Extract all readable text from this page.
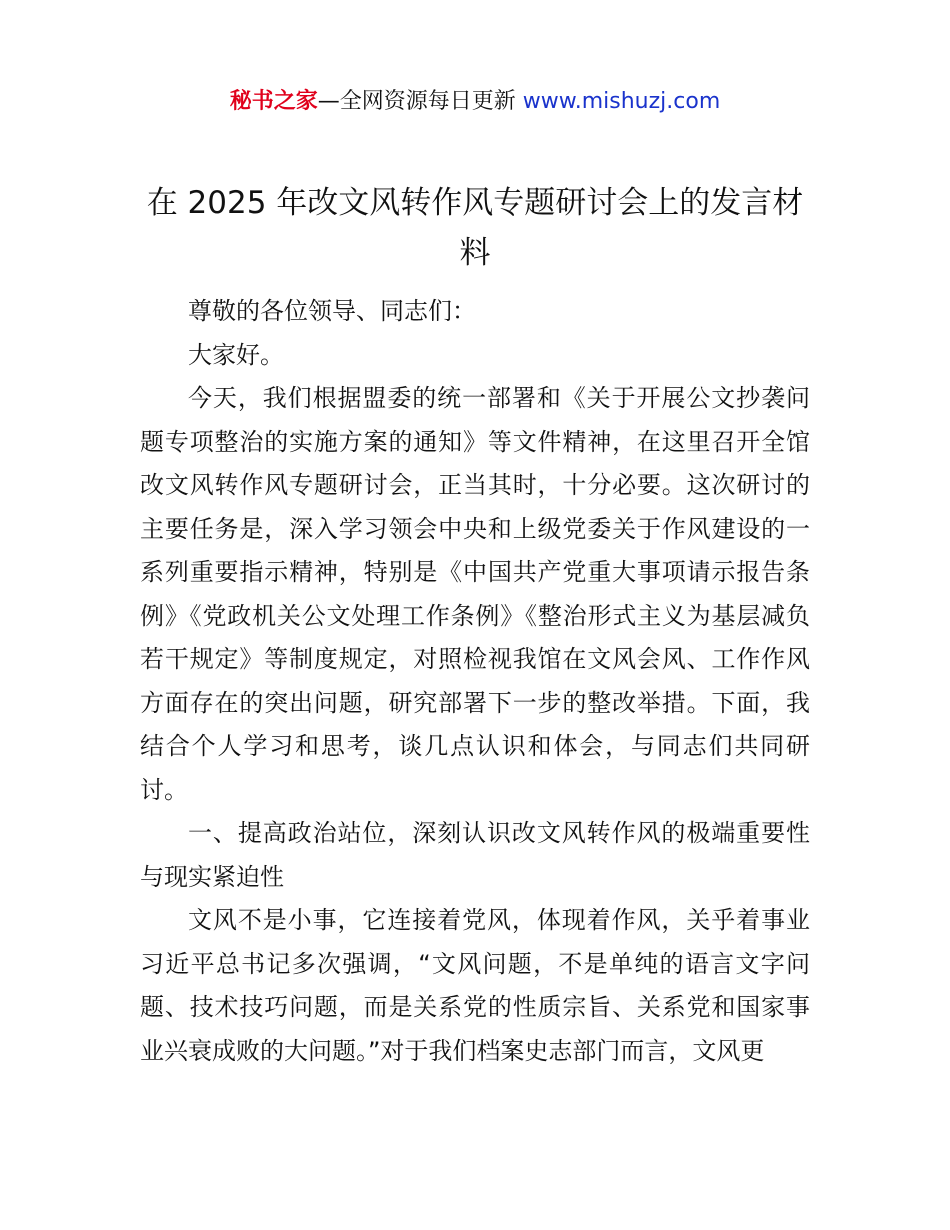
秘书之家—全网资源每日更新 www.mishuzj.com
在 2025 年改文风转作风专题研讨会上的发言材料

尊敬的各位领导、同志们：

大家好。

今天，我们根据盟委的统一部署和《关于开展公文抄袭问题专项整治的实施方案的通知》等文件精神，在这里召开全馆改文风转作风专题研讨会，正当其时，十分必要。这次研讨的主要任务是，深入学习领会中央和上级党委关于作风建设的一系列重要指示精神，特别是《中国共产党重大事项请示报告条例》《党政机关公文处理工作条例》《整治形式主义为基层减负若干规定》等制度规定，对照检视我馆在文风会风、工作作风方面存在的突出问题，研究部署下一步的整改举措。下面，我结合个人学习和思考，谈几点认识和体会，与同志们共同研讨。

一、提高政治站位，深刻认识改文风转作风的极端重要性与现实紧迫性

文风不是小事，它连接着党风，体现着作风，关乎着事业习近平总书记多次强调，“文风问题，不是单纯的语言文字问题、技术技巧问题，而是关系党的性质宗旨、关系党和国家事业兴衰成败的大问题。”对于我们档案史志部门而言，文风更
